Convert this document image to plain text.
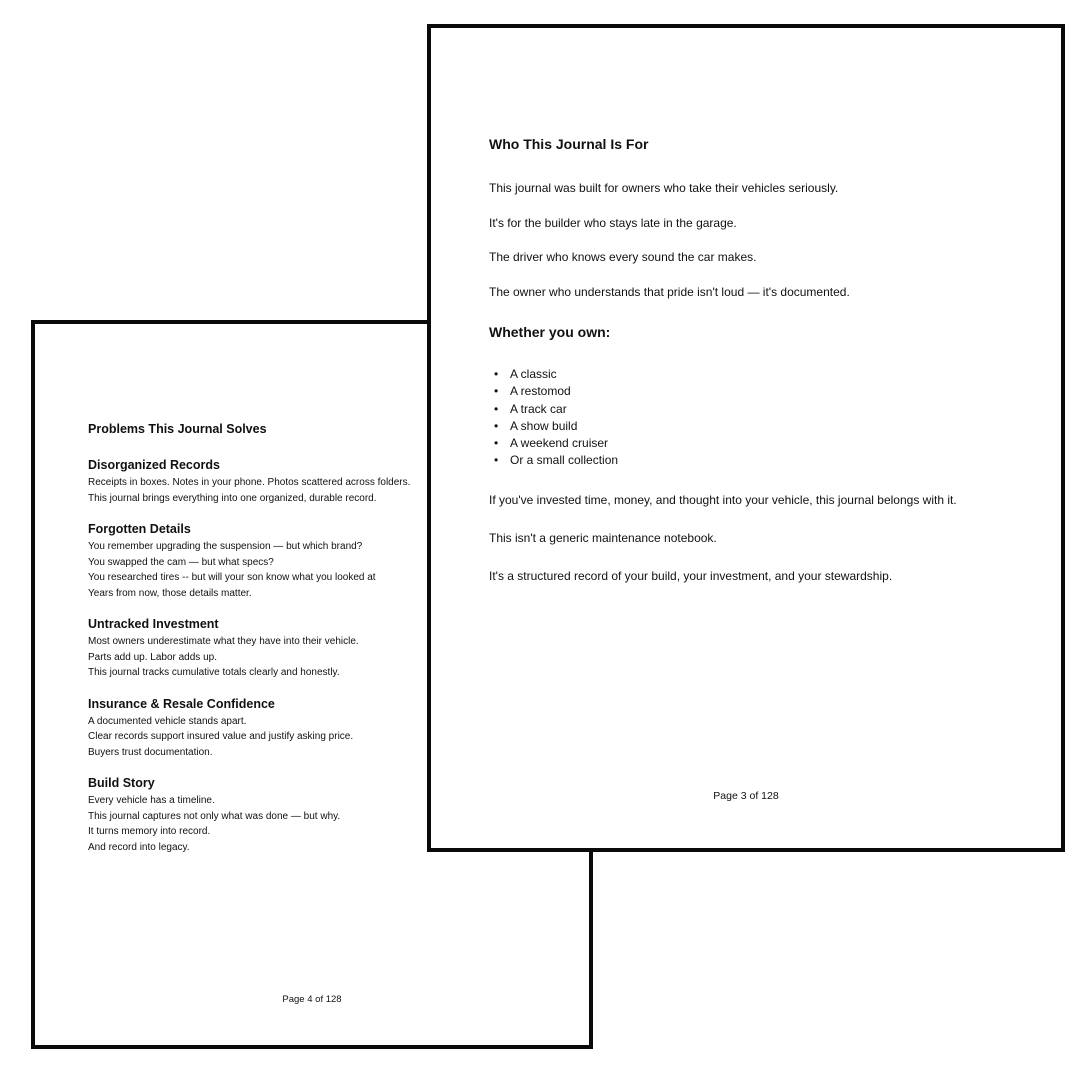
Problems This Journal Solves
Disorganized Records
Receipts in boxes. Notes in your phone. Photos scattered across folders.
This journal brings everything into one organized, durable record.
Forgotten Details
You remember upgrading the suspension — but which brand?
You swapped the cam — but what specs?
You researched tires -- but will your son know what you looked at
Years from now, those details matter.
Untracked Investment
Most owners underestimate what they have into their vehicle.
Parts add up. Labor adds up.
This journal tracks cumulative totals clearly and honestly.
Insurance & Resale Confidence
A documented vehicle stands apart.
Clear records support insured value and justify asking price.
Buyers trust documentation.
Build Story
Every vehicle has a timeline.
This journal captures not only what was done — but why.
It turns memory into record.
And record into legacy.
Page 4 of 128
Who This Journal Is For

This journal was built for owners who take their vehicles seriously.

It's for the builder who stays late in the garage.

The driver who knows every sound the car makes.

The owner who understands that pride isn't loud — it's documented.

Whether you own:
• A classic
• A restomod
• A track car
• A show build
• A weekend cruiser
• Or a small collection

If you've invested time, money, and thought into your vehicle, this journal belongs with it.

This isn't a generic maintenance notebook.

It's a structured record of your build, your investment, and your stewardship.

Page 3 of 128
